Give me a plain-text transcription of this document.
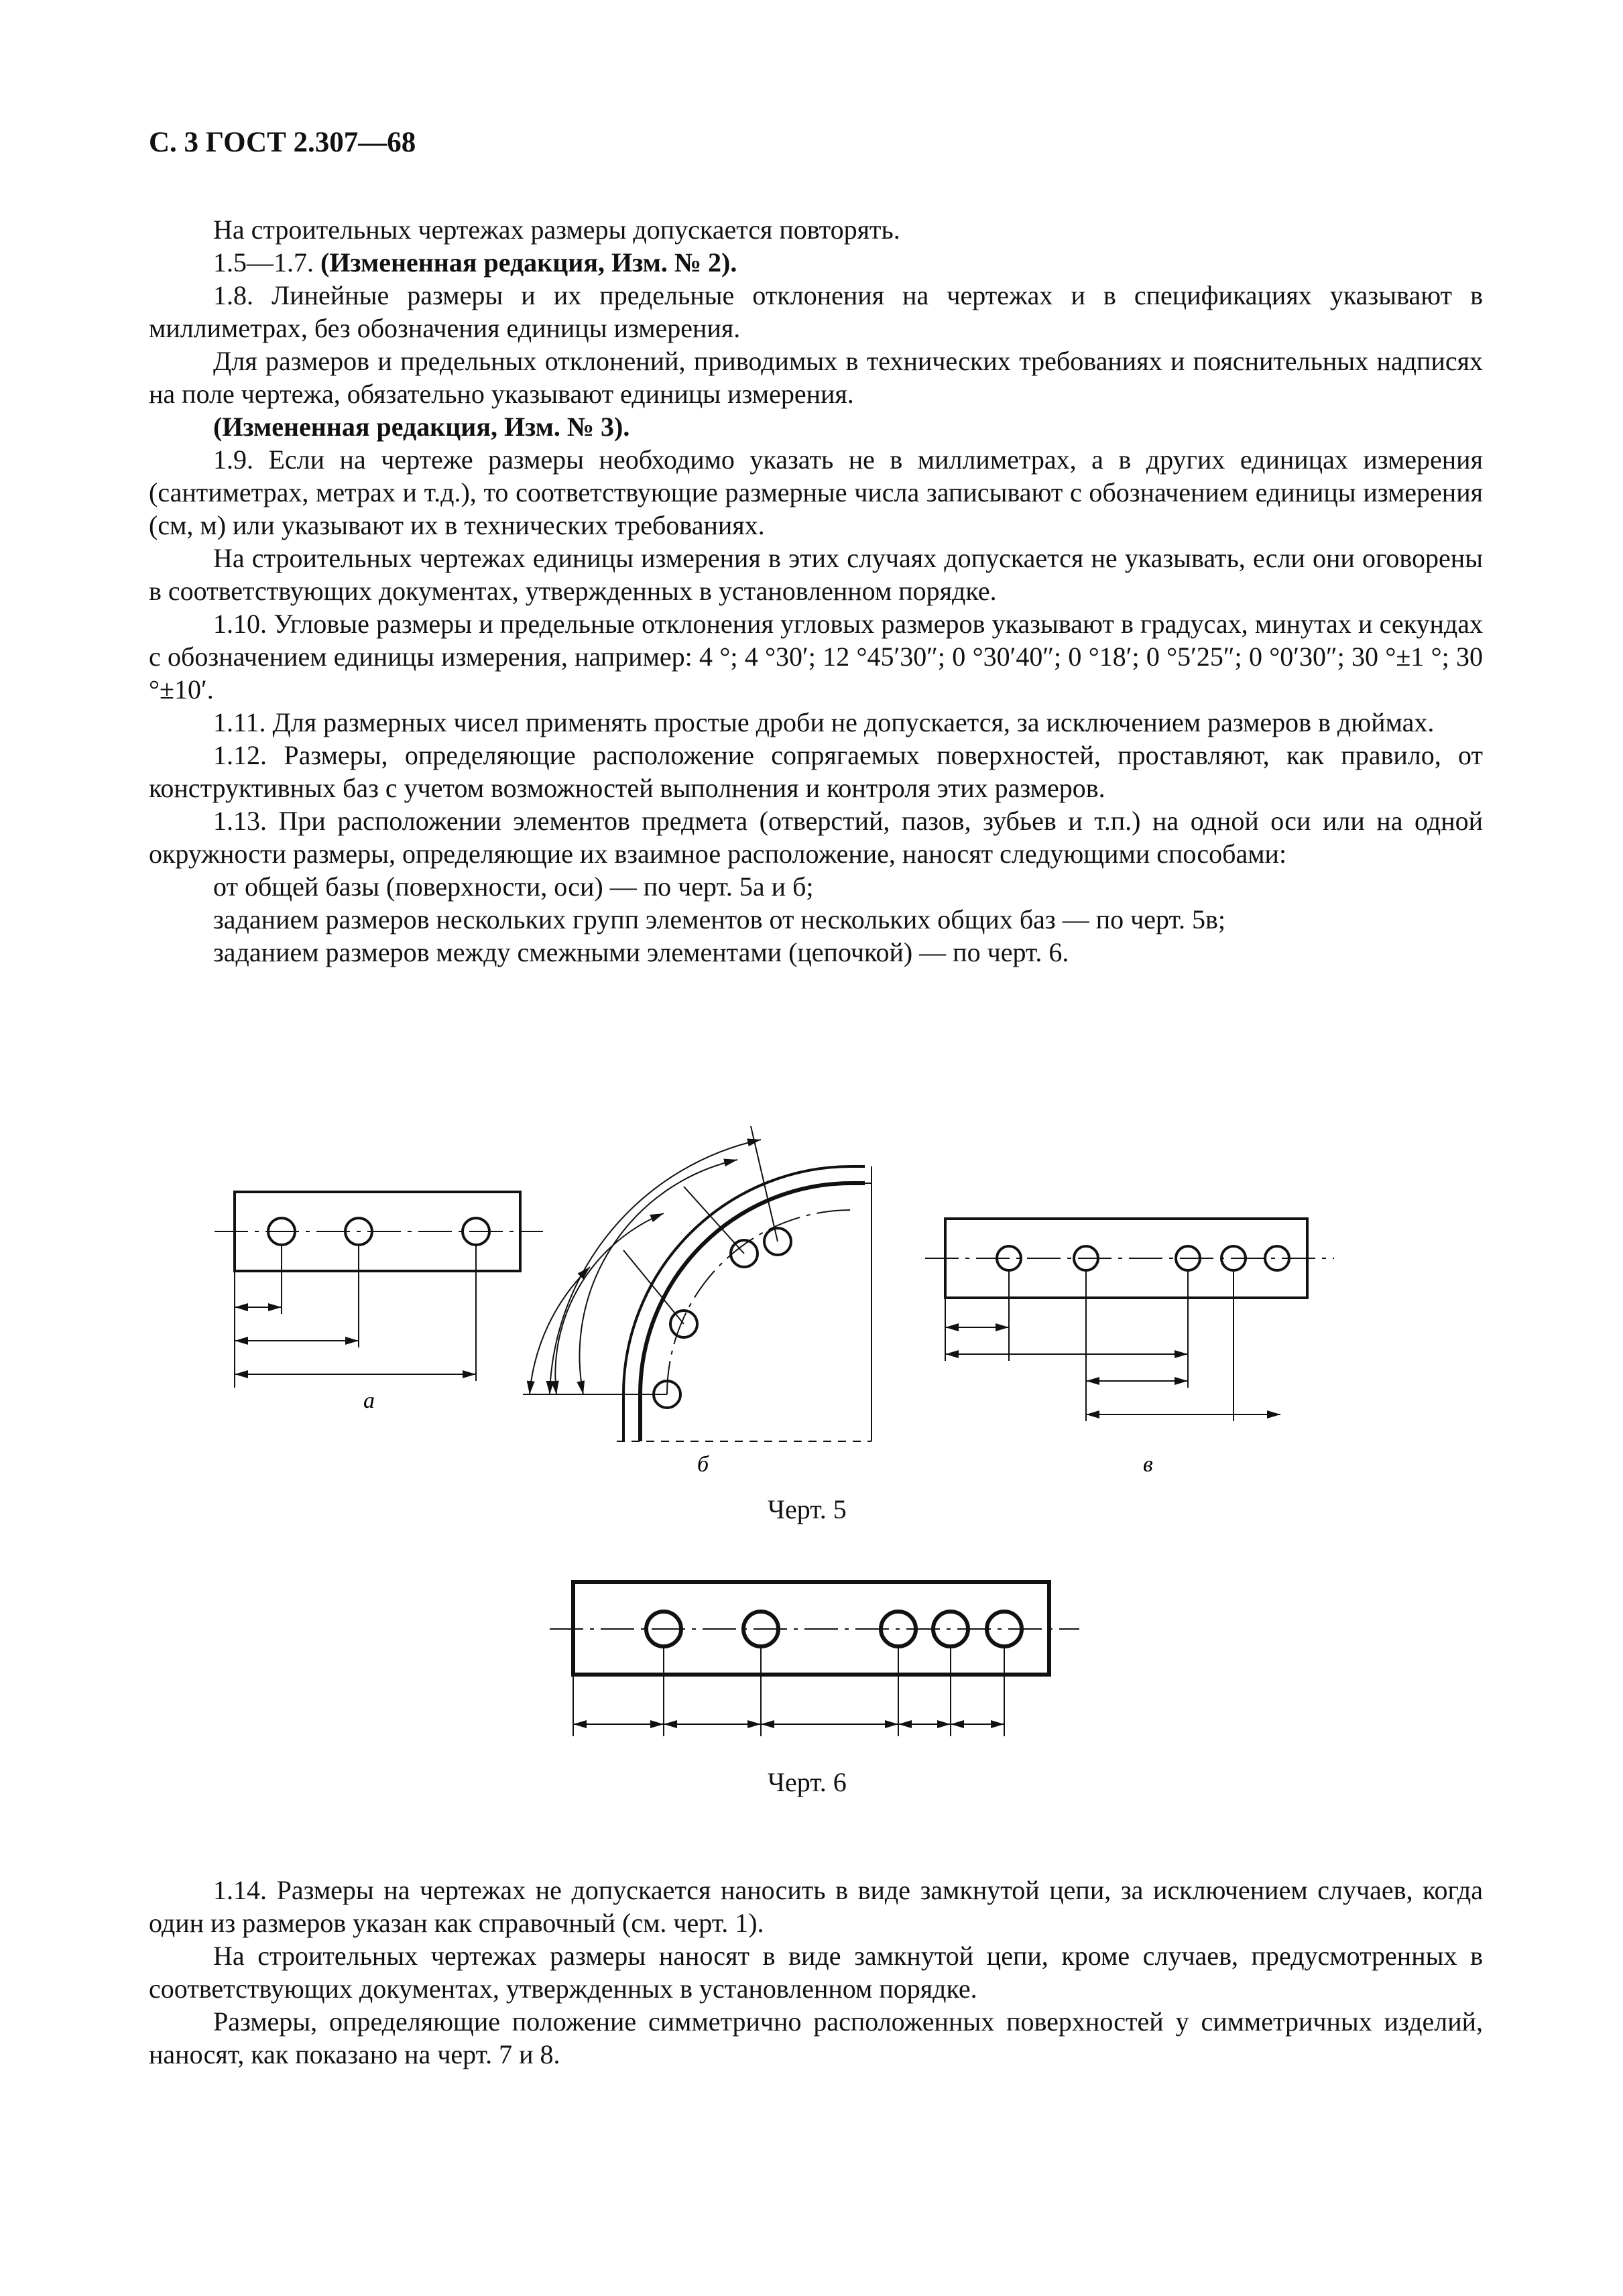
С. 3 ГОСТ 2.307—68

На строительных чертежах размеры допускается повторять.

1.5—1.7. (Измененная редакция, Изм. № 2).

1.8. Линейные размеры и их предельные отклонения на чертежах и в спецификациях указывают в миллиметрах, без обозначения единицы измерения.

Для размеров и предельных отклонений, приводимых в технических требованиях и пояснительных надписях на поле чертежа, обязательно указывают единицы измерения.

(Измененная редакция, Изм. № 3).

1.9. Если на чертеже размеры необходимо указать не в миллиметрах, а в других единицах измерения (сантиметрах, метрах и т.д.), то соответствующие размерные числа записывают с обозначением единицы измерения (см, м) или указывают их в технических требованиях.

На строительных чертежах единицы измерения в этих случаях допускается не указывать, если они оговорены в соответствующих документах, утвержденных в установленном порядке.

1.10. Угловые размеры и предельные отклонения угловых размеров указывают в градусах, минутах и секундах с обозначением единицы измерения, например: 4 °; 4 °30′; 12 °45′30″; 0 °30′40″; 0 °18′; 0 °5′25″; 0 °0′30″; 30 °±1 °; 30 °±10′.

1.11. Для размерных чисел применять простые дроби не допускается, за исключением размеров в дюймах.

1.12. Размеры, определяющие расположение сопрягаемых поверхностей, проставляют, как правило, от конструктивных баз с учетом возможностей выполнения и контроля этих размеров.

1.13. При расположении элементов предмета (отверстий, пазов, зубьев и т.п.) на одной оси или на одной окружности размеры, определяющие их взаимное расположение, наносят следующими способами:

от общей базы (поверхности, оси) — по черт. 5а и б;

заданием размеров нескольких групп элементов от нескольких общих баз — по черт. 5в;

заданием размеров между смежными элементами (цепочкой) — по черт. 6.

а
б	в
Черт. 5
Черт. 6

1.14. Размеры на чертежах не допускается наносить в виде замкнутой цепи, за исключением случаев, когда один из размеров указан как справочный (см. черт. 1).

На строительных чертежах размеры наносят в виде замкнутой цепи, кроме случаев, предусмотренных в соответствующих документах, утвержденных в установленном порядке.

Размеры, определяющие положение симметрично расположенных поверхностей у симметричных изделий, наносят, как показано на черт. 7 и 8.
